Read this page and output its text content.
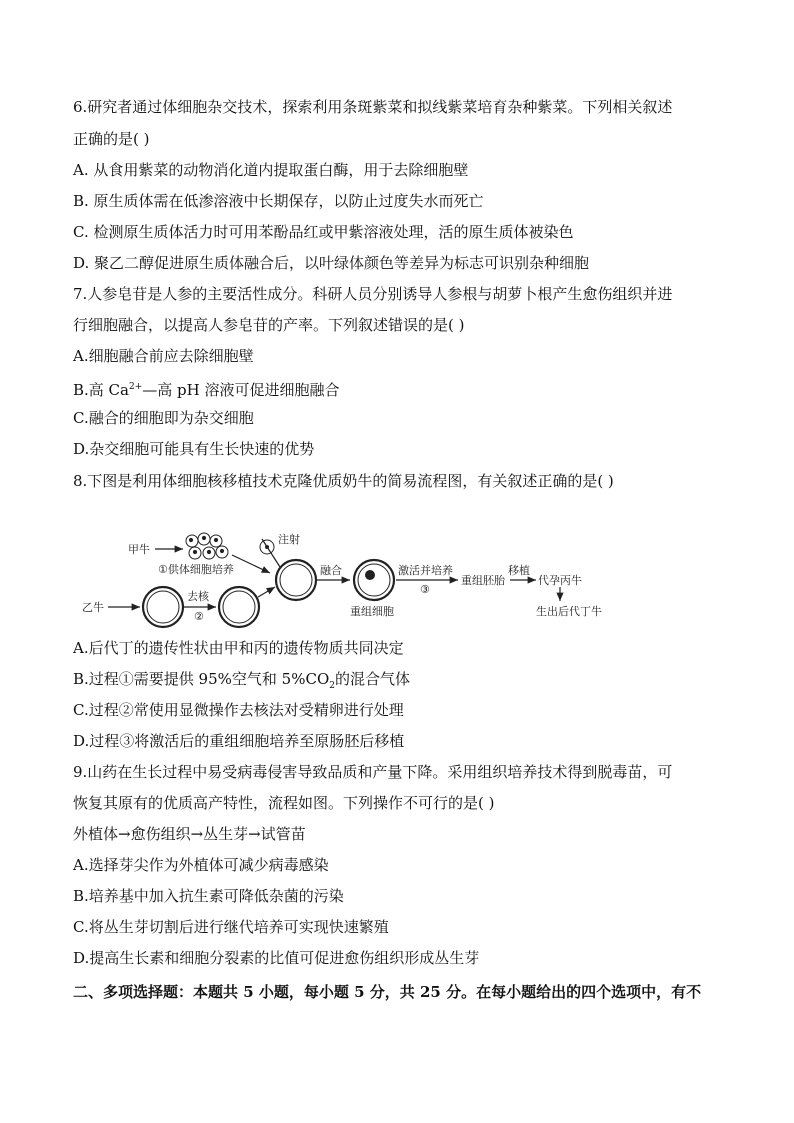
6.研究者通过体细胞杂交技术，探索利用条斑紫菜和拟线紫菜培育杂种紫菜。下列相关叙述
正确的是( )
A. 从食用紫菜的动物消化道内提取蛋白酶，用于去除细胞壁
B. 原生质体需在低渗溶液中长期保存，以防止过度失水而死亡
C. 检测原生质体活力时可用苯酚品红或甲紫溶液处理，活的原生质体被染色
D. 聚乙二醇促进原生质体融合后，以叶绿体颜色等差异为标志可识别杂种细胞
7.人参皂苷是人参的主要活性成分。科研人员分别诱导人参根与胡萝卜根产生愈伤组织并进
行细胞融合，以提高人参皂苷的产率。下列叙述错误的是( )
A.细胞融合前应去除细胞壁
B.高 $Ca^{2+}—$高 pH 溶液可促进细胞融合
C.融合的细胞即为杂交细胞
D.杂交细胞可能具有生长快速的优势
8.下图是利用体细胞核移植技术克隆优质奶牛的简易流程图，有关叙述正确的是( )
甲牛
①供体细胞培养
注射
乙牛
去核
②
融合
重组细胞
激活并培养
③
重组胚胎
移植
代孕丙牛
生出后代丁牛
A.后代丁的遗传性状由甲和丙的遗传物质共同决定
B.过程①需要提供 95%空气和 $5\%CO_2$的混合气体
C.过程②常使用显微操作去核法对受精卵进行处理
D.过程③将激活后的重组细胞培养至原肠胚后移植
9.山药在生长过程中易受病毒侵害导致品质和产量下降。采用组织培养技术得到脱毒苗，可
恢复其原有的优质高产特性，流程如图。下列操作不可行的是( )
外植体→愈伤组织→丛生芽→试管苗
A.选择芽尖作为外植体可减少病毒感染
B.培养基中加入抗生素可降低杂菌的污染
C.将丛生芽切割后进行继代培养可实现快速繁殖
D.提高生长素和细胞分裂素的比值可促进愈伤组织形成丛生芽
二、多项选择题：本题共 5 小题，每小题 5 分，共 25 分。在每小题给出的四个选项中，有不
